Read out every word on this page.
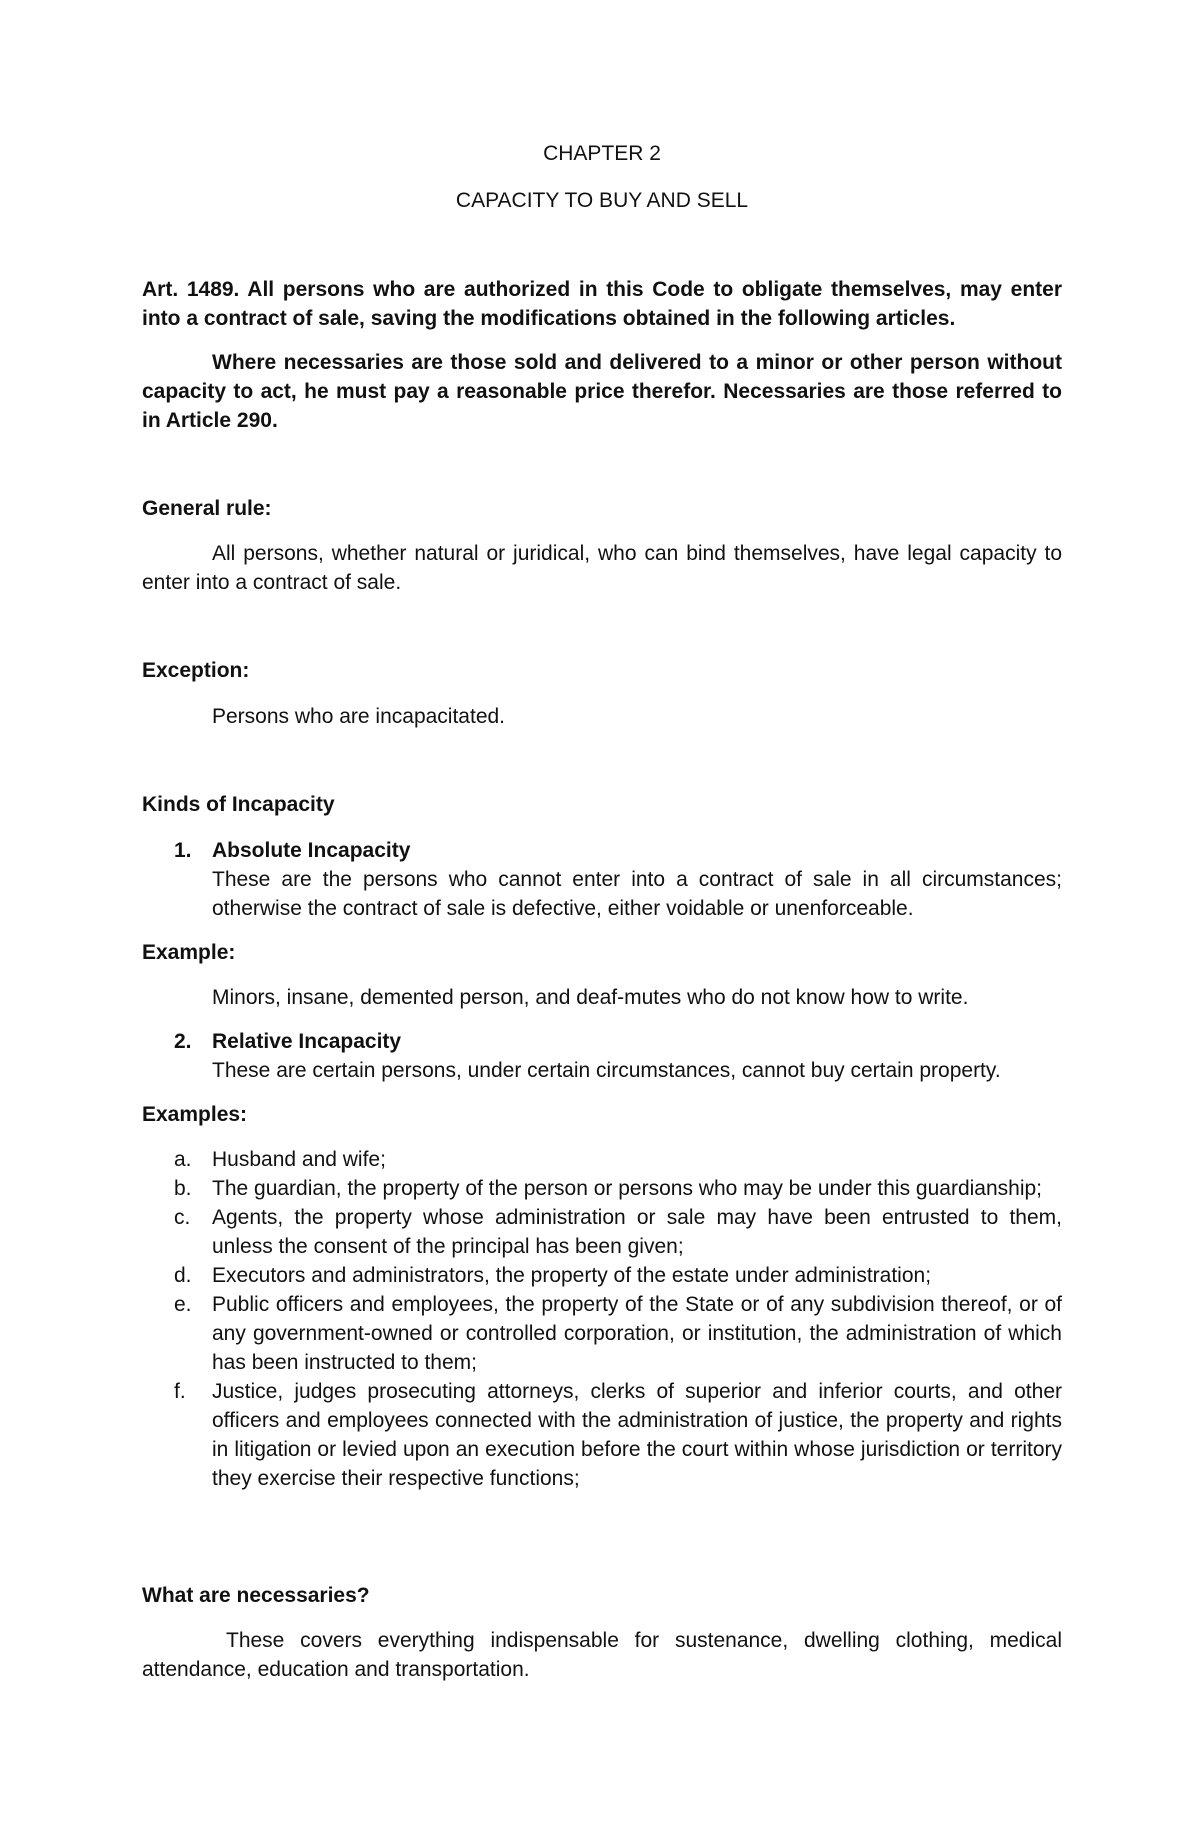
CHAPTER 2

CAPACITY TO BUY AND SELL

Art. 1489. All persons who are authorized in this Code to obligate themselves, may enter into a contract of sale, saving the modifications obtained in the following articles.

Where necessaries are those sold and delivered to a minor or other person without capacity to act, he must pay a reasonable price therefor. Necessaries are those referred to in Article 290.

General rule:

All persons, whether natural or juridical, who can bind themselves, have legal capacity to enter into a contract of sale.

Exception:

Persons who are incapacitated.

Kinds of Incapacity

1. Absolute Incapacity

These are the persons who cannot enter into a contract of sale in all circumstances; otherwise the contract of sale is defective, either voidable or unenforceable.

Example:

Minors, insane, demented person, and deaf-mutes who do not know how to write.

2. Relative Incapacity

These are certain persons, under certain circumstances, cannot buy certain property.

Examples:

a. Husband and wife;

b. The guardian, the property of the person or persons who may be under this guardianship;

c.	Agents, the property whose administration or sale may have been entrusted to them, unless the consent of the principal has been given;

d. Executors and administrators, the property of the estate under administration;

e. Public officers and employees, the property of the State or of any subdivision thereof, or of any government-owned or controlled corporation, or institution, the administration of which has been instructed to them;

f.	Justice, judges prosecuting attorneys, clerks of superior and inferior courts, and other officers and employees connected with the administration of justice, the property and rights in litigation or levied upon an execution before the court within whose jurisdiction or territory they exercise their respective functions;

What are necessaries?

These covers everything indispensable for sustenance, dwelling clothing, medical attendance, education and transportation.
